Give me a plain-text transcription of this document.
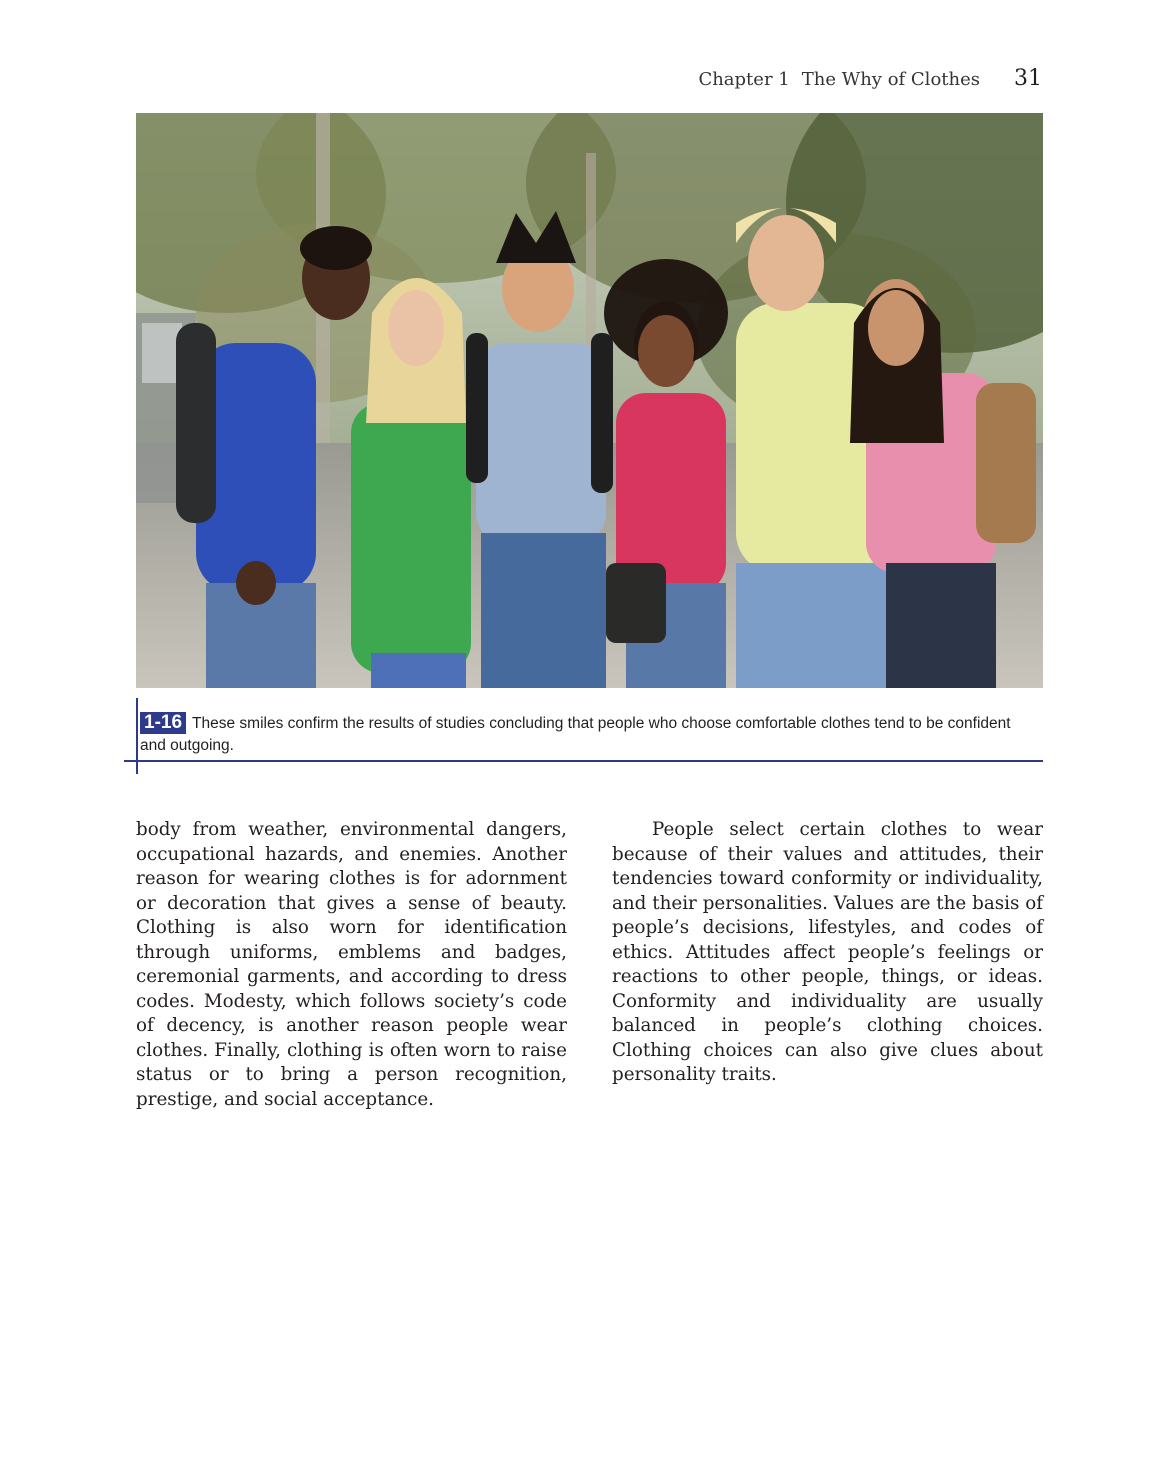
Chapter 1 The Why of Clothes 31
1-16 These smiles confirm the results of studies concluding that people who choose comfortable clothes tend to be confident and outgoing.

body from weather, environmental dangers, occupational hazards, and enemies. Another reason for wearing clothes is for adornment or decoration that gives a sense of beauty. Clothing is also worn for identification through uniforms, emblems and badges, ceremonial garments, and according to dress codes. Modesty, which follows society’s code of decency, is another reason people wear clothes. Finally, clothing is often worn to raise status or to bring a person recognition, prestige, and social acceptance.

People select certain clothes to wear because of their values and attitudes, their tendencies toward conformity or individuality, and their personalities. Values are the basis of people’s decisions, lifestyles, and codes of ethics. Attitudes affect people’s feelings or reactions to other people, things, or ideas. Conformity and individuality are usually balanced in people’s clothing choices. Clothing choices can also give clues about personality traits.
